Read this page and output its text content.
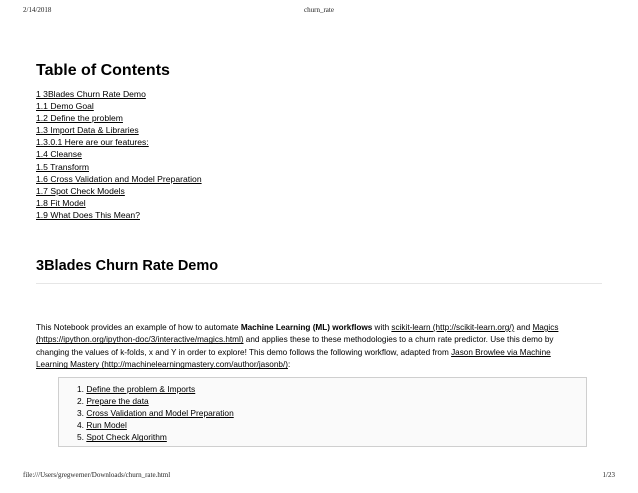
2/14/2018	churn_rate
Table of Contents
1 3Blades Churn Rate Demo
1.1 Demo Goal
1.2 Define the problem
1.3 Import Data & Libraries
1.3.0.1 Here are our features:
1.4 Cleanse
1.5 Transform
1.6 Cross Validation and Model Preparation
1.7 Spot Check Models
1.8 Fit Model
1.9 What Does This Mean?
3Blades Churn Rate Demo

This Notebook provides an example of how to automate Machine Learning (ML) workflows with scikit-learn (http://scikit-learn.org/) and Magics
(https://ipython.org/ipython-doc/3/interactive/magics.html) and applies these to these methodologies to a churn rate predictor. Use this demo by
changing the values of k-folds, x and Y in order to explore! This demo follows the following workflow, adapted from Jason Browlee via Machine
Learning Mastery (http://machinelearningmastery.com/author/jasonb/):

1. Define the problem & Imports
2. Prepare the data
3. Cross Validation and Model Preparation
4. Run Model
5. Spot Check Algorithm
file:///Users/gregwerner/Downloads/churn_rate.html	1/23
